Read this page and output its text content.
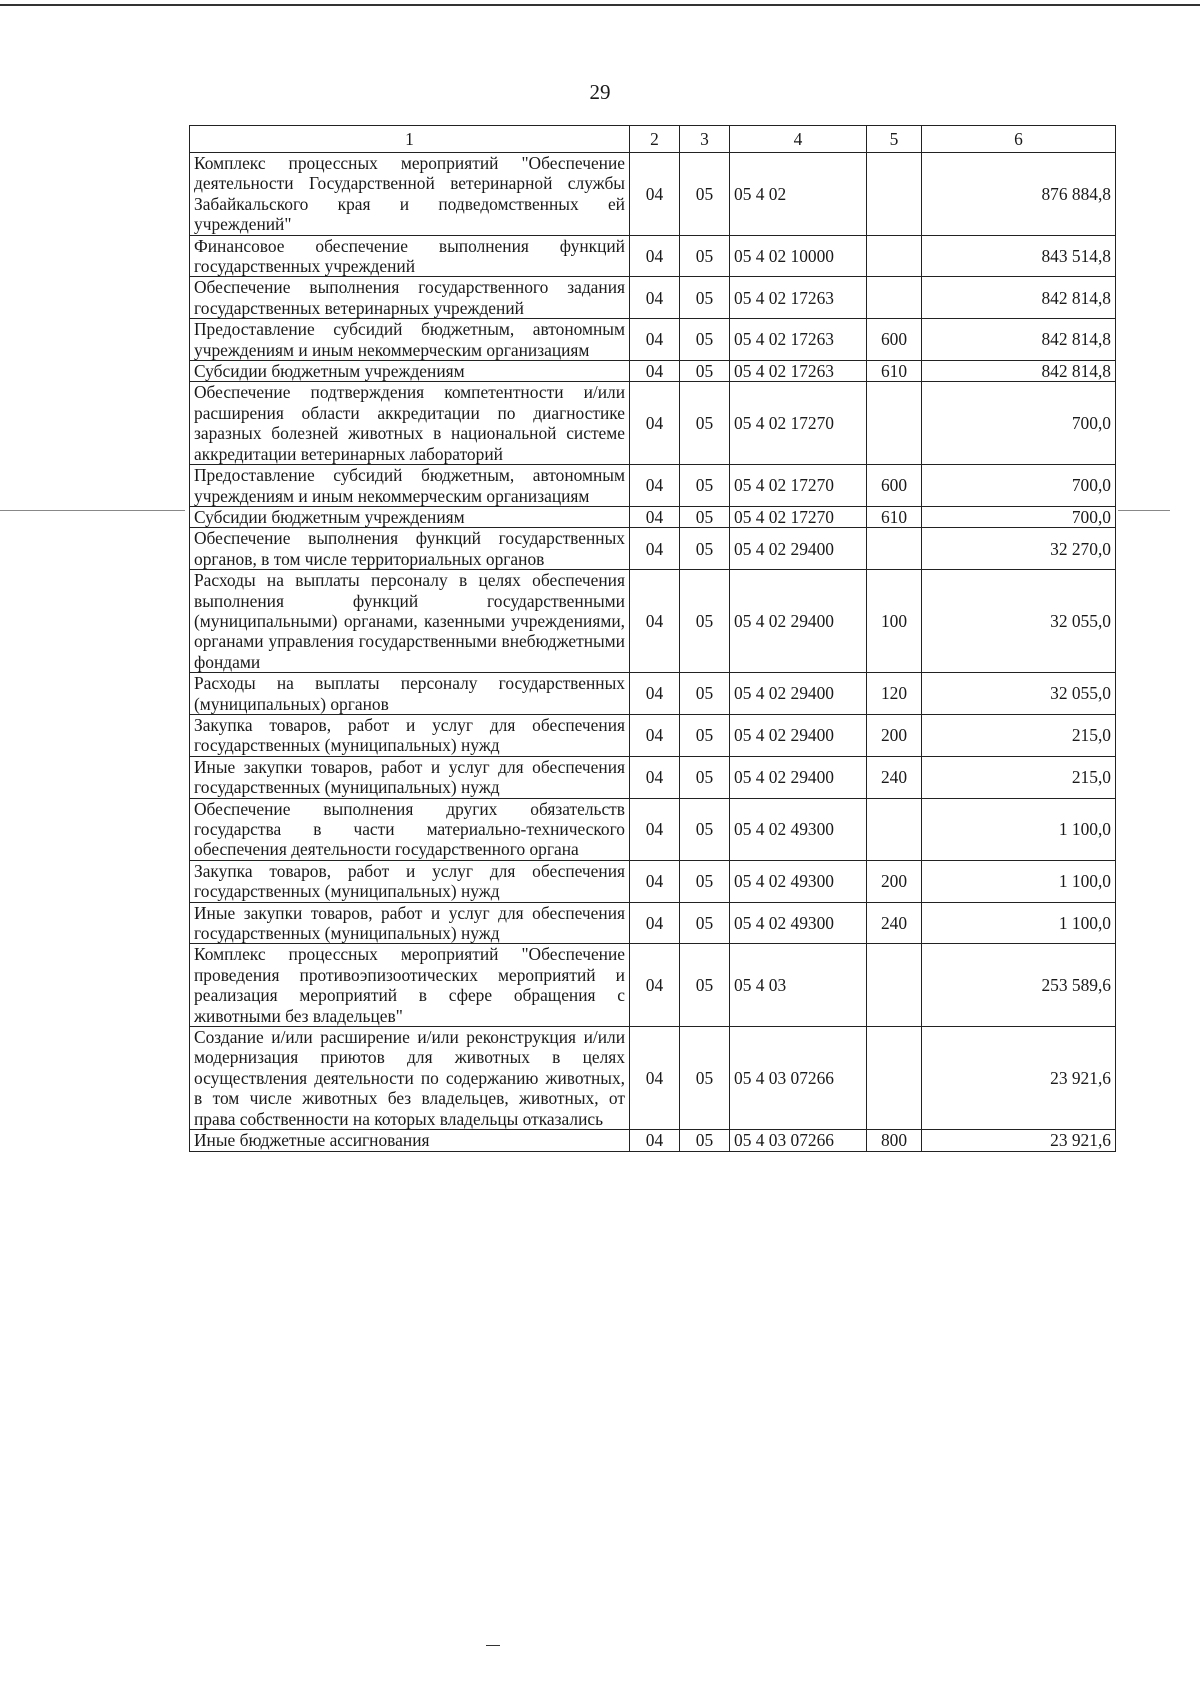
29
1	2	3	4	5	6
Комплекс процессных мероприятий "Обеспечение деятельности Государственной ветеринарной службы Забайкальского края и подведомственных ей учреждений"	04	05	05 4 02		876 884,8
Финансовое обеспечение выполнения функций государственных учреждений	04	05	05 4 02 10000		843 514,8
Обеспечение выполнения государственного задания государственных ветеринарных учреждений	04	05	05 4 02 17263		842 814,8
Предоставление субсидий бюджетным, автономным учреждениям и иным некоммерческим организациям	04	05	05 4 02 17263	600	842 814,8
Субсидии бюджетным учреждениям	04	05	05 4 02 17263	610	842 814,8
Обеспечение подтверждения компетентности и/или расширения области аккредитации по диагностике заразных болезней животных в национальной системе аккредитации ветеринарных лабораторий	04	05	05 4 02 17270		700,0
Предоставление субсидий бюджетным, автономным учреждениям и иным некоммерческим организациям	04	05	05 4 02 17270	600	700,0
Субсидии бюджетным учреждениям	04	05	05 4 02 17270	610	700,0
Обеспечение выполнения функций государственных органов, в том числе территориальных органов	04	05	05 4 02 29400		32 270,0
Расходы на выплаты персоналу в целях обеспечения выполнения функций государственными (муниципальными) органами, казенными учреждениями, органами управления государственными внебюджетными фондами	04	05	05 4 02 29400	100	32 055,0
Расходы на выплаты персоналу государственных (муниципальных) органов	04	05	05 4 02 29400	120	32 055,0
Закупка товаров, работ и услуг для обеспечения государственных (муниципальных) нужд	04	05	05 4 02 29400	200	215,0
Иные закупки товаров, работ и услуг для обеспечения государственных (муниципальных) нужд	04	05	05 4 02 29400	240	215,0
Обеспечение выполнения других обязательств государства в части материально-технического обеспечения деятельности государственного органа	04	05	05 4 02 49300		1 100,0
Закупка товаров, работ и услуг для обеспечения государственных (муниципальных) нужд	04	05	05 4 02 49300	200	1 100,0
Иные закупки товаров, работ и услуг для обеспечения государственных (муниципальных) нужд	04	05	05 4 02 49300	240	1 100,0
Комплекс процессных мероприятий "Обеспечение проведения противоэпизоотических мероприятий и реализация мероприятий в сфере обращения с животными без владельцев"	04	05	05 4 03		253 589,6
Создание и/или расширение и/или реконструкция и/или модернизация приютов для животных в целях осуществления деятельности по содержанию животных, в том числе животных без владельцев, животных, от права собственности на которых владельцы отказались	04	05	05 4 03 07266		23 921,6
Иные бюджетные ассигнования	04	05	05 4 03 07266	800	23 921,6
